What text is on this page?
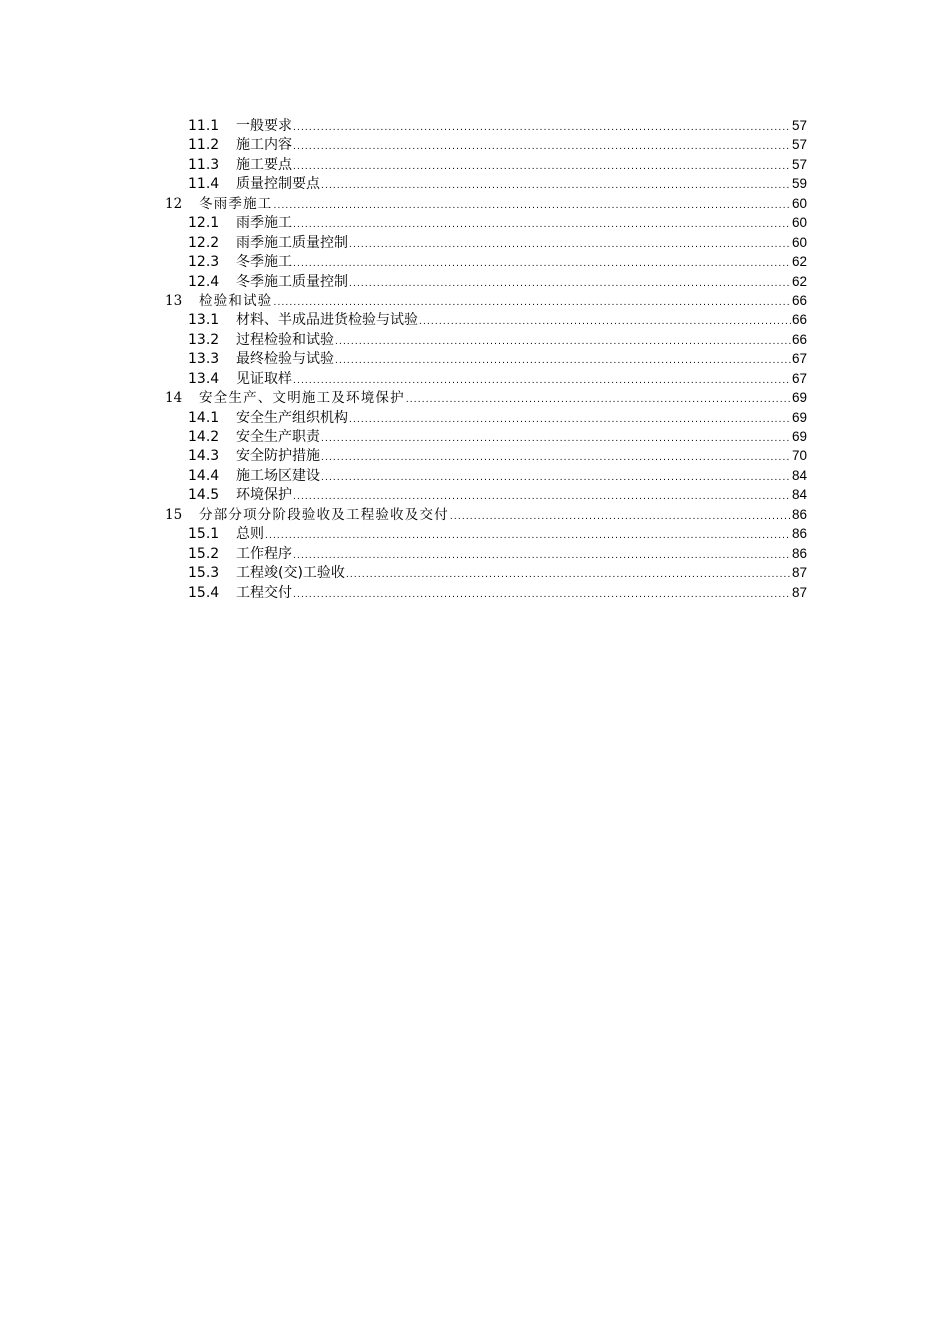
11.1	一般要求 .....	57
11.2	施工内容 .....	57
11.3	施工要点 .....	57
11.4	质量控制要点 .....	59
12	冬雨季施工 .....	60
12.1	雨季施工 .....	60
12.2	雨季施工质量控制 .....	60
12.3	冬季施工 .....	62
12.4	冬季施工质量控制 .....	62
13	检验和试验 .....	66
13.1	材料、半成品进货检验与试验 .....	66
13.2	过程检验和试验 .....	66
13.3	最终检验与试验 .....	67
13.4	见证取样 .....	67
14	安全生产、文明施工及环境保护 .....	69
14.1	安全生产组织机构 .....	69
14.2	安全生产职责 .....	69
14.3	安全防护措施 .....	70
14.4	施工场区建设 .....	84
14.5	环境保护 .....	84
15	分部分项分阶段验收及工程验收及交付 .....	86
15.1	总则 .....	86
15.2	工作程序 .....	86
15.3	工程竣(交)工验收 .....	87
15.4	工程交付 .....	87
